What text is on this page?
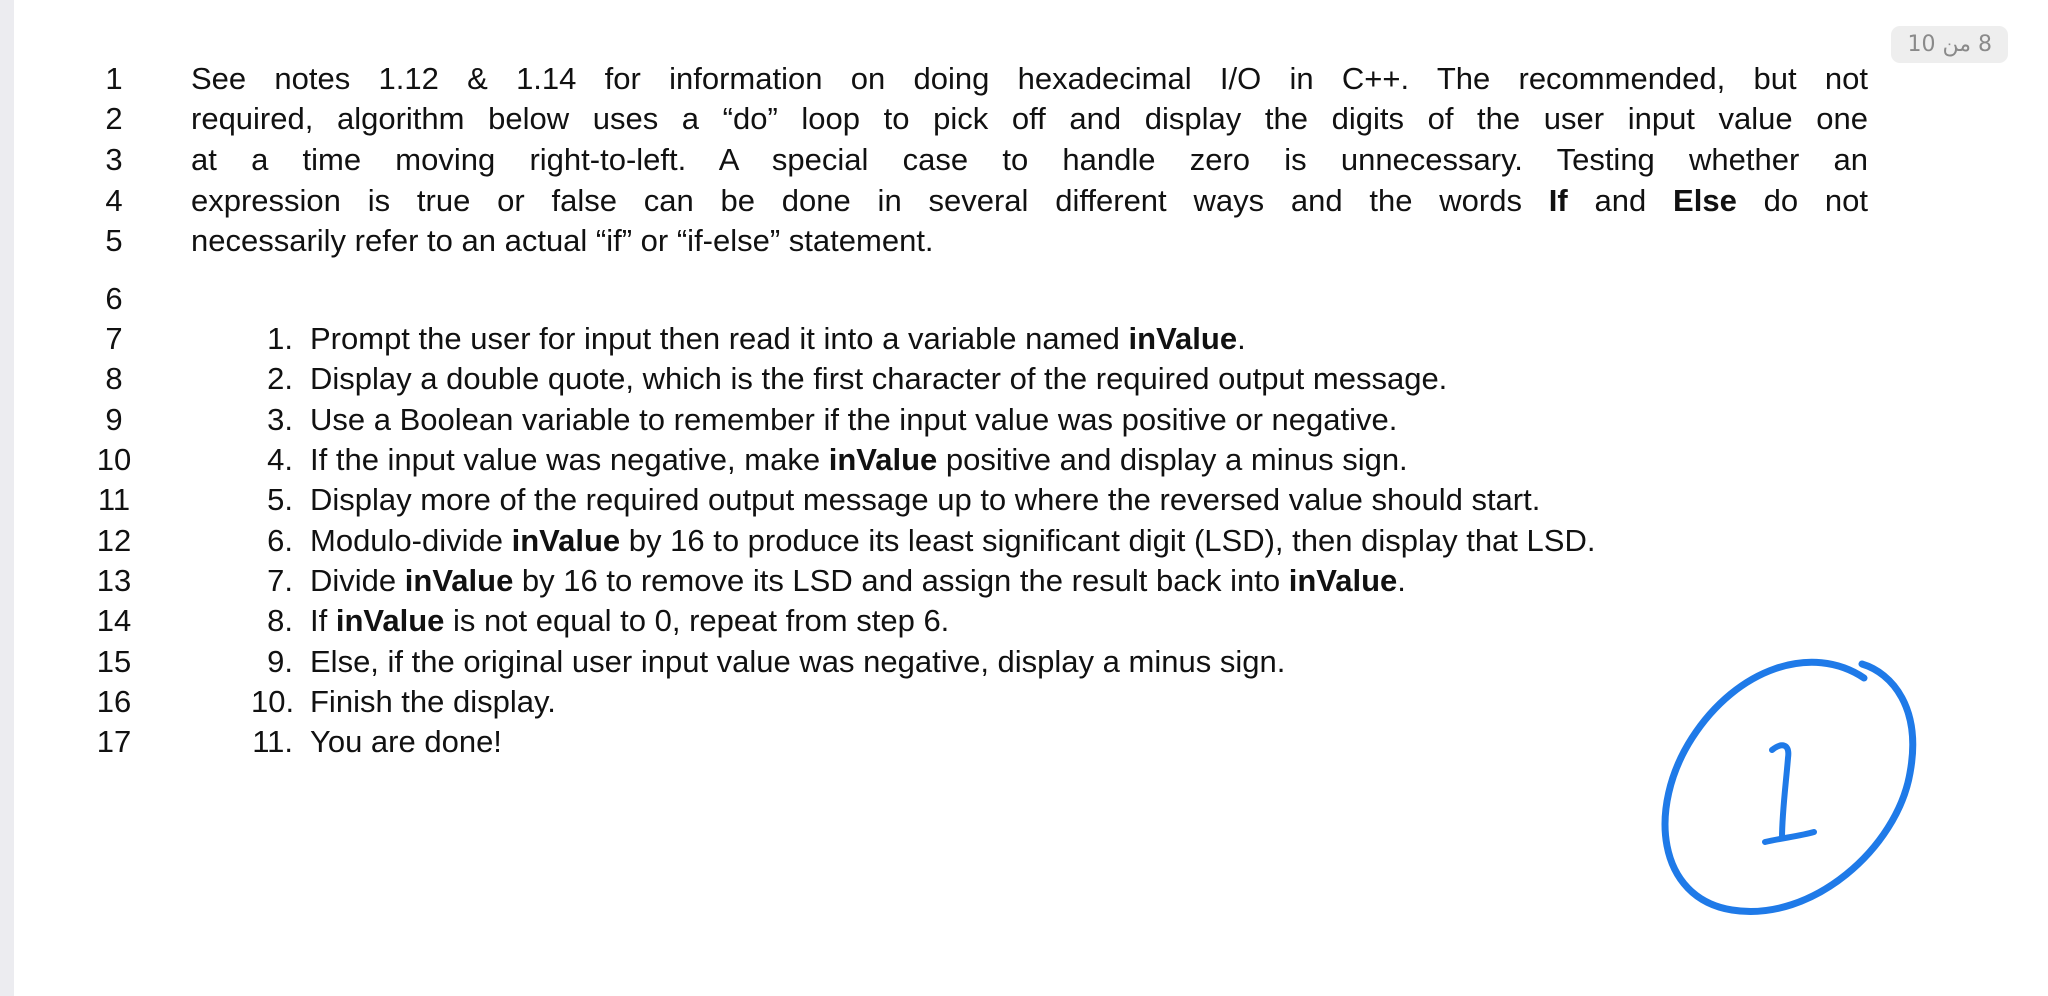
8 من 10
1	See notes 1.12 & 1.14 for information on doing hexadecimal I/O in C++. The recommended, but not
2	required, algorithm below uses a “do” loop to pick off and display the digits of the user input value one
3	at a time moving right-to-left. A special case to handle zero is unnecessary. Testing whether an
4	expression is true or false can be done in several different ways and the words If and Else do not
5	necessarily refer to an actual “if” or “if-else” statement.
6
7	1. Prompt the user for input then read it into a variable named inValue.
8	2. Display a double quote, which is the first character of the required output message.
9	3. Use a Boolean variable to remember if the input value was positive or negative.
10	4. If the input value was negative, make inValue positive and display a minus sign.
11	5. Display more of the required output message up to where the reversed value should start.
12	6. Modulo-divide inValue by 16 to produce its least significant digit (LSD), then display that LSD.
13	7. Divide inValue by 16 to remove its LSD and assign the result back into inValue.
14	8. If inValue is not equal to 0, repeat from step 6.
15	9. Else, if the original user input value was negative, display a minus sign.
16	10. Finish the display.
17	11. You are done!
